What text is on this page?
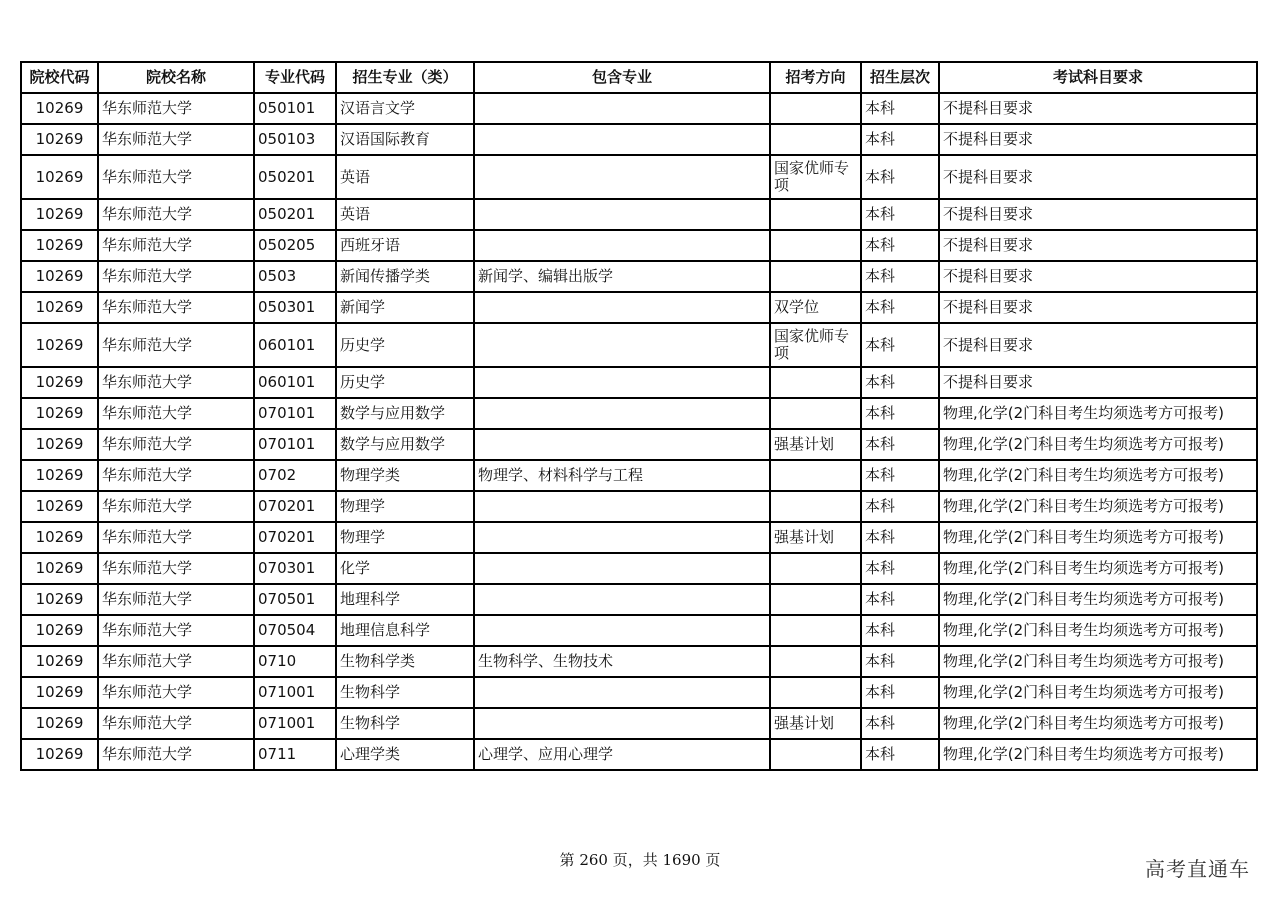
院校代码	院校名称	专业代码	招生专业（类）	包含专业	招考方向	招生层次	考试科目要求
10269	华东师范大学	050101	汉语言文学			本科	不提科目要求
10269	华东师范大学	050103	汉语国际教育			本科	不提科目要求
10269	华东师范大学	050201	英语		国家优师专项	本科	不提科目要求
10269	华东师范大学	050201	英语			本科	不提科目要求
10269	华东师范大学	050205	西班牙语			本科	不提科目要求
10269	华东师范大学	0503	新闻传播学类	新闻学、编辑出版学		本科	不提科目要求
10269	华东师范大学	050301	新闻学		双学位	本科	不提科目要求
10269	华东师范大学	060101	历史学		国家优师专项	本科	不提科目要求
10269	华东师范大学	060101	历史学			本科	不提科目要求
10269	华东师范大学	070101	数学与应用数学			本科	物理,化学(2门科目考生均须选考方可报考)
10269	华东师范大学	070101	数学与应用数学		强基计划	本科	物理,化学(2门科目考生均须选考方可报考)
10269	华东师范大学	0702	物理学类	物理学、材料科学与工程		本科	物理,化学(2门科目考生均须选考方可报考)
10269	华东师范大学	070201	物理学			本科	物理,化学(2门科目考生均须选考方可报考)
10269	华东师范大学	070201	物理学		强基计划	本科	物理,化学(2门科目考生均须选考方可报考)
10269	华东师范大学	070301	化学			本科	物理,化学(2门科目考生均须选考方可报考)
10269	华东师范大学	070501	地理科学			本科	物理,化学(2门科目考生均须选考方可报考)
10269	华东师范大学	070504	地理信息科学			本科	物理,化学(2门科目考生均须选考方可报考)
10269	华东师范大学	0710	生物科学类	生物科学、生物技术		本科	物理,化学(2门科目考生均须选考方可报考)
10269	华东师范大学	071001	生物科学			本科	物理,化学(2门科目考生均须选考方可报考)
10269	华东师范大学	071001	生物科学		强基计划	本科	物理,化学(2门科目考生均须选考方可报考)
10269	华东师范大学	0711	心理学类	心理学、应用心理学		本科	物理,化学(2门科目考生均须选考方可报考)
第 260 页，共 1690 页	高考直通车
